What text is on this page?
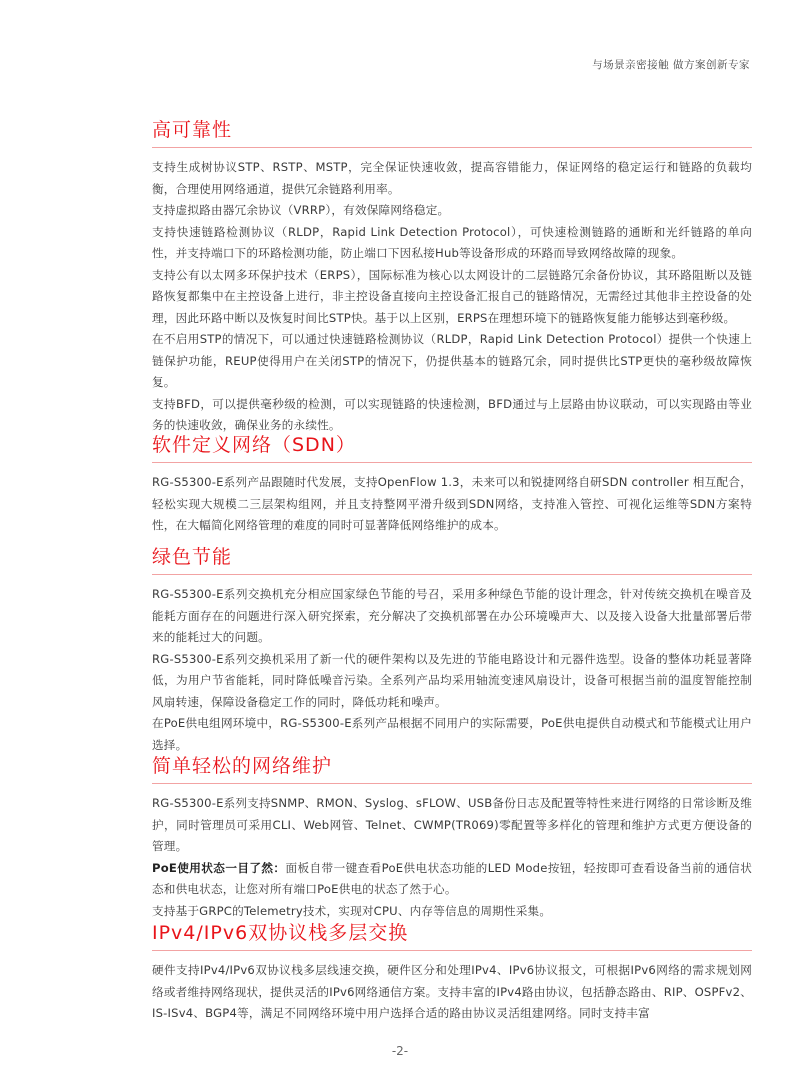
与场景亲密接触 做方案创新专家
高可靠性

支持生成树协议STP、RSTP、MSTP，完全保证快速收敛，提高容错能力，保证网络的稳定运行和链路的负载均衡，合理使用网络通道，提供冗余链路利用率。

支持虚拟路由器冗余协议（VRRP），有效保障网络稳定。

支持快速链路检测协议（RLDP，Rapid Link Detection Protocol），可快速检测链路的通断和光纤链路的单向性，并支持端口下的环路检测功能，防止端口下因私接Hub等设备形成的环路而导致网络故障的现象。

支持公有以太网多环保护技术（ERPS），国际标准为核心以太网设计的二层链路冗余备份协议，其环路阻断以及链路恢复都集中在主控设备上进行，非主控设备直接向主控设备汇报自己的链路情况，无需经过其他非主控设备的处理，因此环路中断以及恢复时间比STP快。基于以上区别，ERPS在理想环境下的链路恢复能力能够达到毫秒级。

在不启用STP的情况下，可以通过快速链路检测协议（RLDP，Rapid Link Detection Protocol）提供一个快速上链保护功能，REUP使得用户在关闭STP的情况下，仍提供基本的链路冗余，同时提供比STP更快的毫秒级故障恢复。

支持BFD，可以提供毫秒级的检测，可以实现链路的快速检测，BFD通过与上层路由协议联动，可以实现路由等业务的快速收敛，确保业务的永续性。

软件定义网络（SDN）

RG-S5300-E系列产品跟随时代发展，支持OpenFlow 1.3，未来可以和锐捷网络自研SDN controller 相互配合，轻松实现大规模二三层架构组网，并且支持整网平滑升级到SDN网络，支持准入管控、可视化运维等SDN方案特性，在大幅简化网络管理的难度的同时可显著降低网络维护的成本。

绿色节能

RG-S5300-E系列交换机充分相应国家绿色节能的号召，采用多种绿色节能的设计理念，针对传统交换机在噪音及能耗方面存在的问题进行深入研究探索，充分解决了交换机部署在办公环境噪声大、以及接入设备大批量部署后带来的能耗过大的问题。

RG-S5300-E系列交换机采用了新一代的硬件架构以及先进的节能电路设计和元器件选型。设备的整体功耗显著降低，为用户节省能耗，同时降低噪音污染。全系列产品均采用轴流变速风扇设计，设备可根据当前的温度智能控制风扇转速，保障设备稳定工作的同时，降低功耗和噪声。

在PoE供电组网环境中，RG-S5300-E系列产品根据不同用户的实际需要，PoE供电提供自动模式和节能模式让用户选择。

简单轻松的网络维护

RG-S5300-E系列支持SNMP、RMON、Syslog、sFLOW、USB备份日志及配置等特性来进行网络的日常诊断及维护，同时管理员可采用CLI、Web网管、Telnet、CWMP(TR069)零配置等多样化的管理和维护方式更方便设备的管理。

PoE使用状态一目了然：面板自带一键查看PoE供电状态功能的LED Mode按钮，轻按即可查看设备当前的通信状态和供电状态，让您对所有端口PoE供电的状态了然于心。

支持基于GRPC的Telemetry技术，实现对CPU、内存等信息的周期性采集。

IPv4/IPv6双协议栈多层交换

硬件支持IPv4/IPv6双协议栈多层线速交换，硬件区分和处理IPv4、IPv6协议报文，可根据IPv6网络的需求规划网络或者维持网络现状，提供灵活的IPv6网络通信方案。支持丰富的IPv4路由协议，包括静态路由、RIP、OSPFv2、IS-ISv4、BGP4等，满足不同网络环境中用户选择合适的路由协议灵活组建网络。同时支持丰富

-2-
